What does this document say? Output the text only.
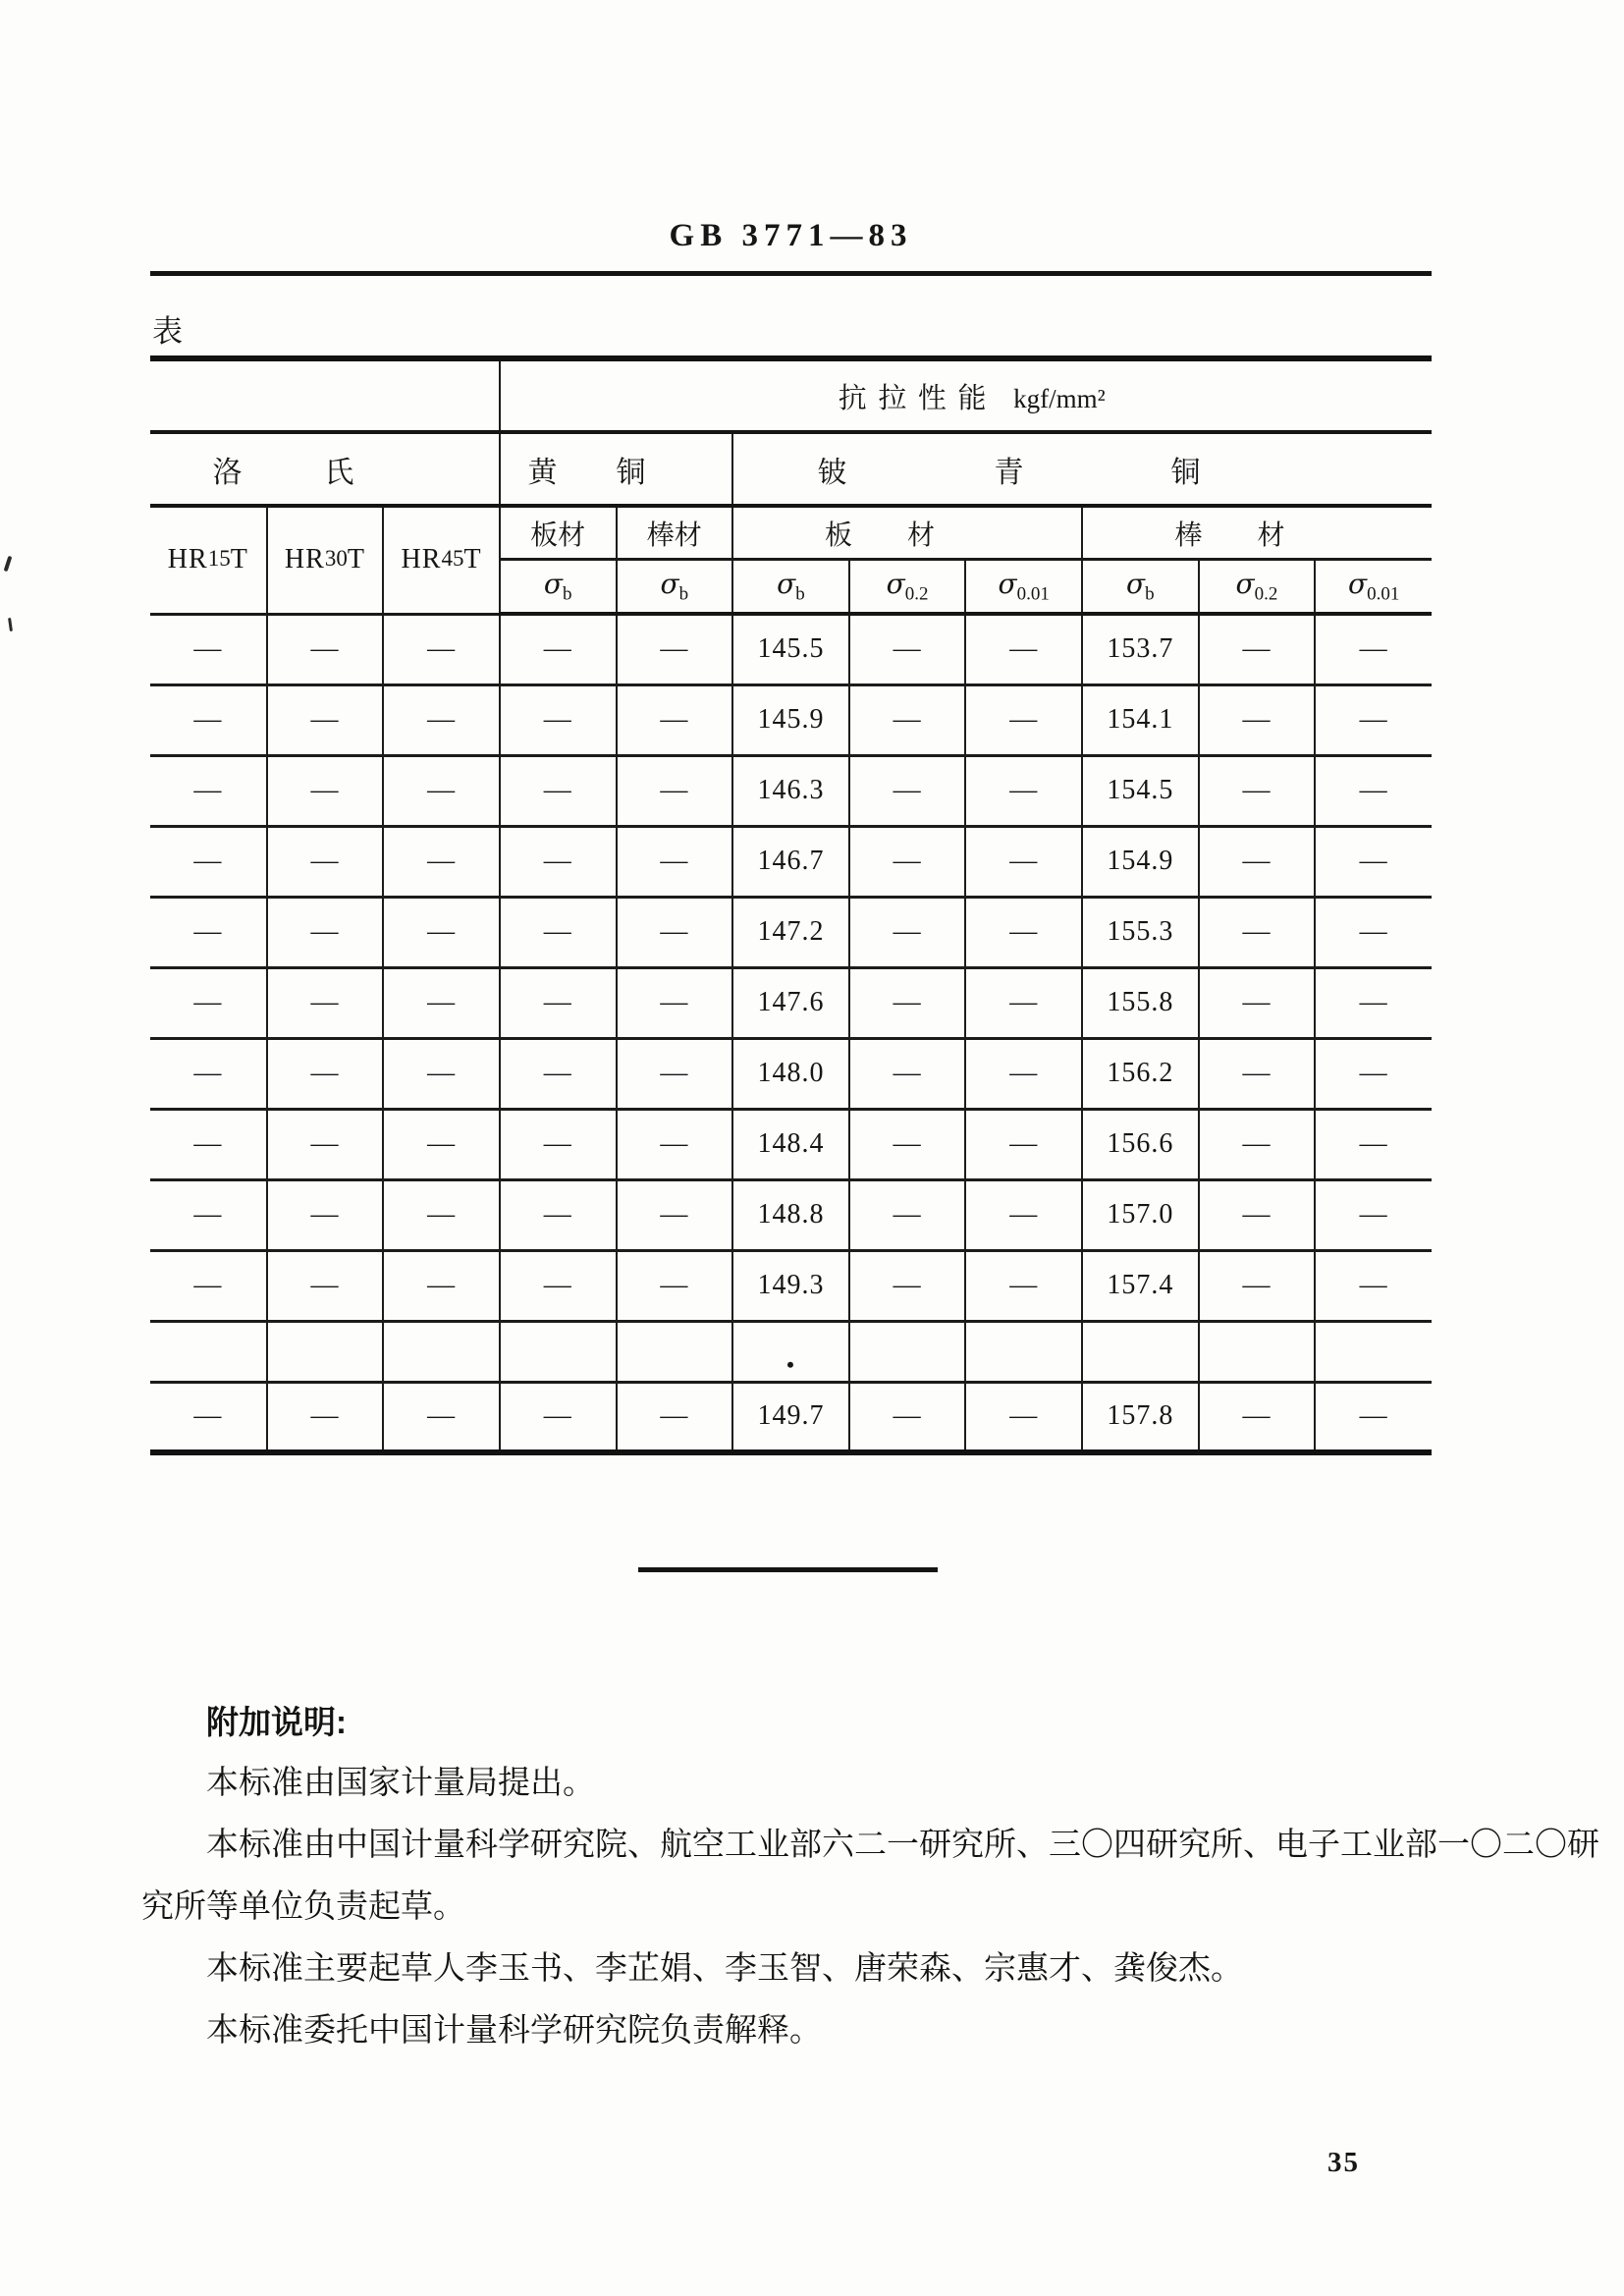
GB 3771—83
表
			抗拉性能 kgf/mm²							
洛氏			黄铜		铍青铜					
HR15T	HR30T	HR45T	板材	棒材	板材			棒材		
			$\sigma_b$	$\sigma_b$	$\sigma_b$	$\sigma_{0.2}$	$\sigma_{0.01}$	$\sigma_b$	$\sigma_{0.2}$	$\sigma_{0.01}$
—	—	—	—	—	145.5	—	—	153.7	—	—
—	—	—	—	—	145.9	—	—	154.1	—	—
—	—	—	—	—	146.3	—	—	154.5	—	—
—	—	—	—	—	146.7	—	—	154.9	—	—
—	—	—	—	—	147.2	—	—	155.3	—	—
—	—	—	—	—	147.6	—	—	155.8	—	—
—	—	—	—	—	148.0	—	—	156.2	—	—
—	—	—	—	—	148.4	—	—	156.6	—	—
—	—	—	—	—	148.8	—	—	157.0	—	—
—	—	—	—	—	149.3	—	—	157.4	—	—
					•					
—	—	—	—	—	149.7	—	—	157.8	—	—
附加说明:
本标准由国家计量局提出。
本标准由中国计量科学研究院、航空工业部六二一研究所、三〇四研究所、电子工业部一〇二〇研
究所等单位负责起草。
本标准主要起草人李玉书、李芷娟、李玉智、唐荣森、宗惠才、龚俊杰。
本标准委托中国计量科学研究院负责解释。
35
